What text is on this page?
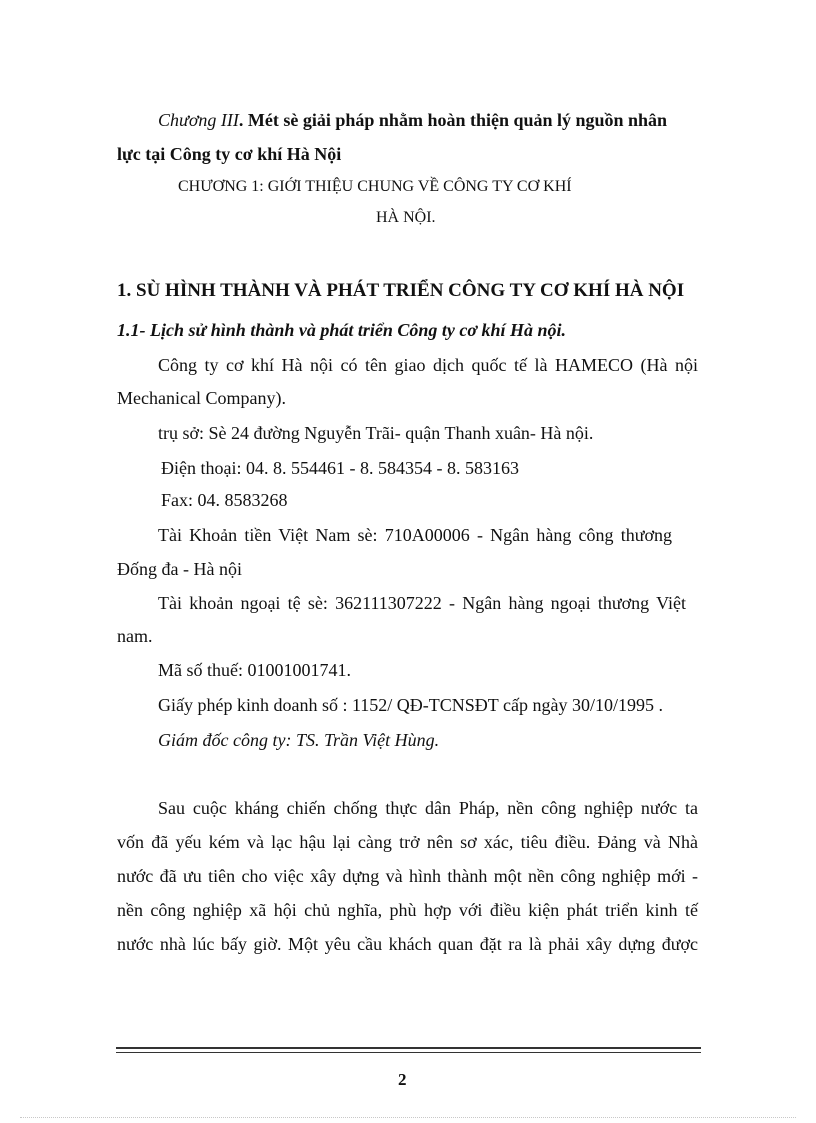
Chương III. Mét sè giải pháp nhằm hoàn thiện quản lý nguồn nhân
lực tại Công ty cơ khí Hà Nội
CHƯƠNG 1: GIỚI THIỆU CHUNG VỀ CÔNG TY CƠ KHÍ
HÀ NỘI.
1. SÙ HÌNH THÀNH VÀ PHÁT TRIỂN CÔNG TY CƠ KHÍ HÀ NỘI
1.1- Lịch sử hình thành và phát triển Công ty cơ khí Hà nội.
Công ty cơ khí Hà nội có tên giao dịch quốc tế là HAMECO (Hà nội
Mechanical Company).
trụ sở: Sè 24 đường Nguyễn Trãi- quận Thanh xuân- Hà nội.
Điện thoại: 04. 8. 554461 - 8. 584354 - 8. 583163
Fax: 04. 8583268
Tài Khoản tiền Việt Nam sè: 710A00006 - Ngân hàng công thương
Đống đa - Hà nội
Tài khoản ngoại tệ sè: 362111307222 - Ngân hàng ngoại thương Việt
nam.
Mã số thuế: 01001001741.
Giấy phép kinh doanh số : 1152/ QĐ-TCNSĐT cấp ngày 30/10/1995 .
Giám đốc công ty: TS. Trần Việt Hùng.
Sau cuộc kháng chiến chống thực dân Pháp, nền công nghiệp nước ta
vốn đã yếu kém và lạc hậu lại càng trở nên sơ xác, tiêu điều. Đảng và Nhà
nước đã ưu tiên cho việc xây dựng và hình thành một nền công nghiệp mới -
nền công nghiệp xã hội chủ nghĩa, phù hợp với điều kiện phát triển kinh tế
nước nhà lúc bấy giờ. Một yêu cầu khách quan đặt ra là phải xây dựng được
2
